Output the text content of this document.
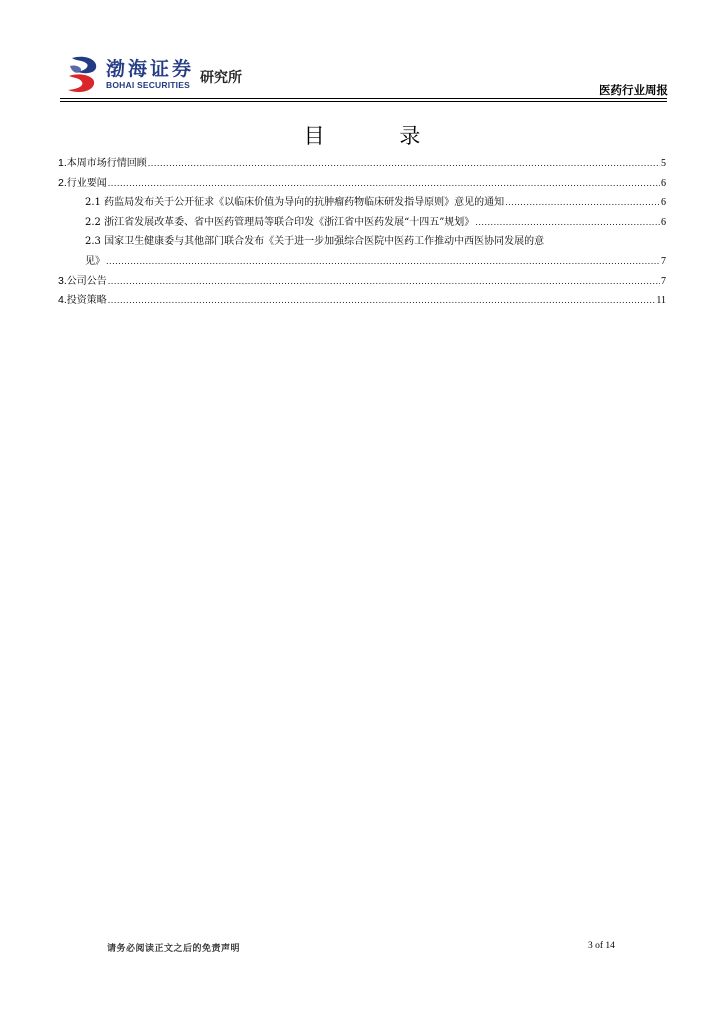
渤海证券
BOHAI SECURITIES 研究所
医药行业周报
目 录
1.本周市场行情回顾 .....	5
2.行业要闻 .....	6
2.1 药监局发布关于公开征求《以临床价值为导向的抗肿瘤药物临床研发指导原则》意见的通知 .....	6
2.2 浙江省发展改革委、省中医药管理局等联合印发《浙江省中医药发展“十四五”规划》 .....	6
2.3 国家卫生健康委与其他部门联合发布《关于进一步加强综合医院中医药工作推动中西医协同发展的意
见》 .....	7
3.公司公告 .....	7
4.投资策略 .....	11
请务必阅读正文之后的免责声明	3 of 14
